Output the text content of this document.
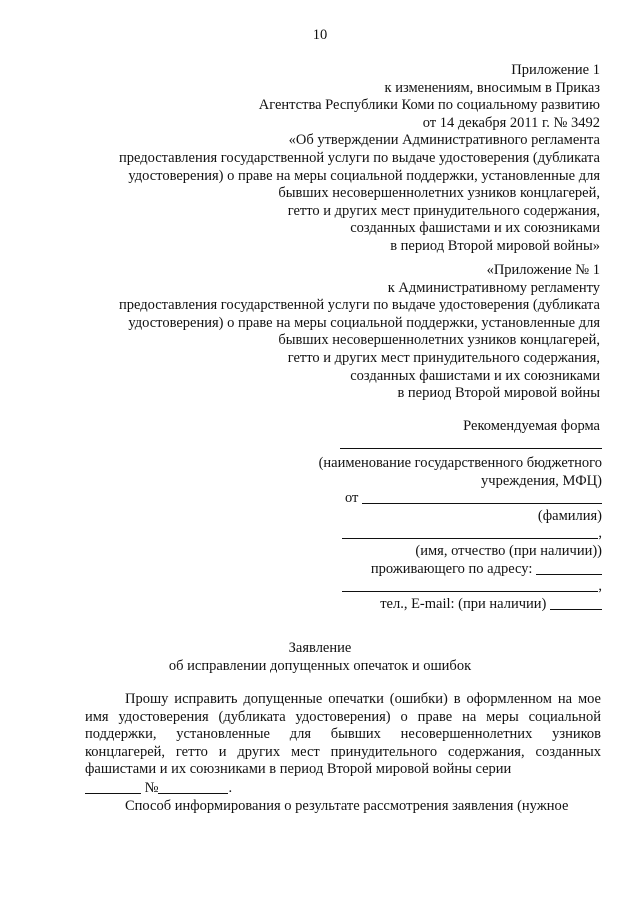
10
Приложение 1
к изменениям, вносимым в Приказ
Агентства Республики Коми по социальному развитию
от 14 декабря 2011 г. № 3492
«Об утверждении Административного регламента
предоставления государственной услуги по выдаче удостоверения (дубликата
удостоверения) о праве на меры социальной поддержки, установленные для
бывших несовершеннолетних узников концлагерей,
гетто и других мест принудительного содержания,
созданных фашистами и их союзниками
в период Второй мировой войны»
«Приложение № 1
к Административному регламенту
предоставления государственной услуги по выдаче удостоверения (дубликата
удостоверения) о праве на меры социальной поддержки, установленные для
бывших несовершеннолетних узников концлагерей,
гетто и других мест принудительного содержания,
созданных фашистами и их союзниками
в период Второй мировой войны
Рекомендуемая форма
(наименование государственного бюджетного
учреждения, МФЦ)
от
(фамилия)
,
(имя, отчество (при наличии))
проживающего по адресу:
,
тел., E-mail: (при наличии)
Заявление
об исправлении допущенных опечаток и ошибок

Прошу исправить допущенные опечатки (ошибки) в оформленном на мое имя удостоверения (дубликата удостоверения) о праве на меры социальной поддержки, установленные для бывших несовершеннолетних узников концлагерей, гетто и других мест принудительного содержания, созданных фашистами и их союзниками в период Второй мировой войны серии

№	.
Способ информирования о результате рассмотрения заявления (нужное
